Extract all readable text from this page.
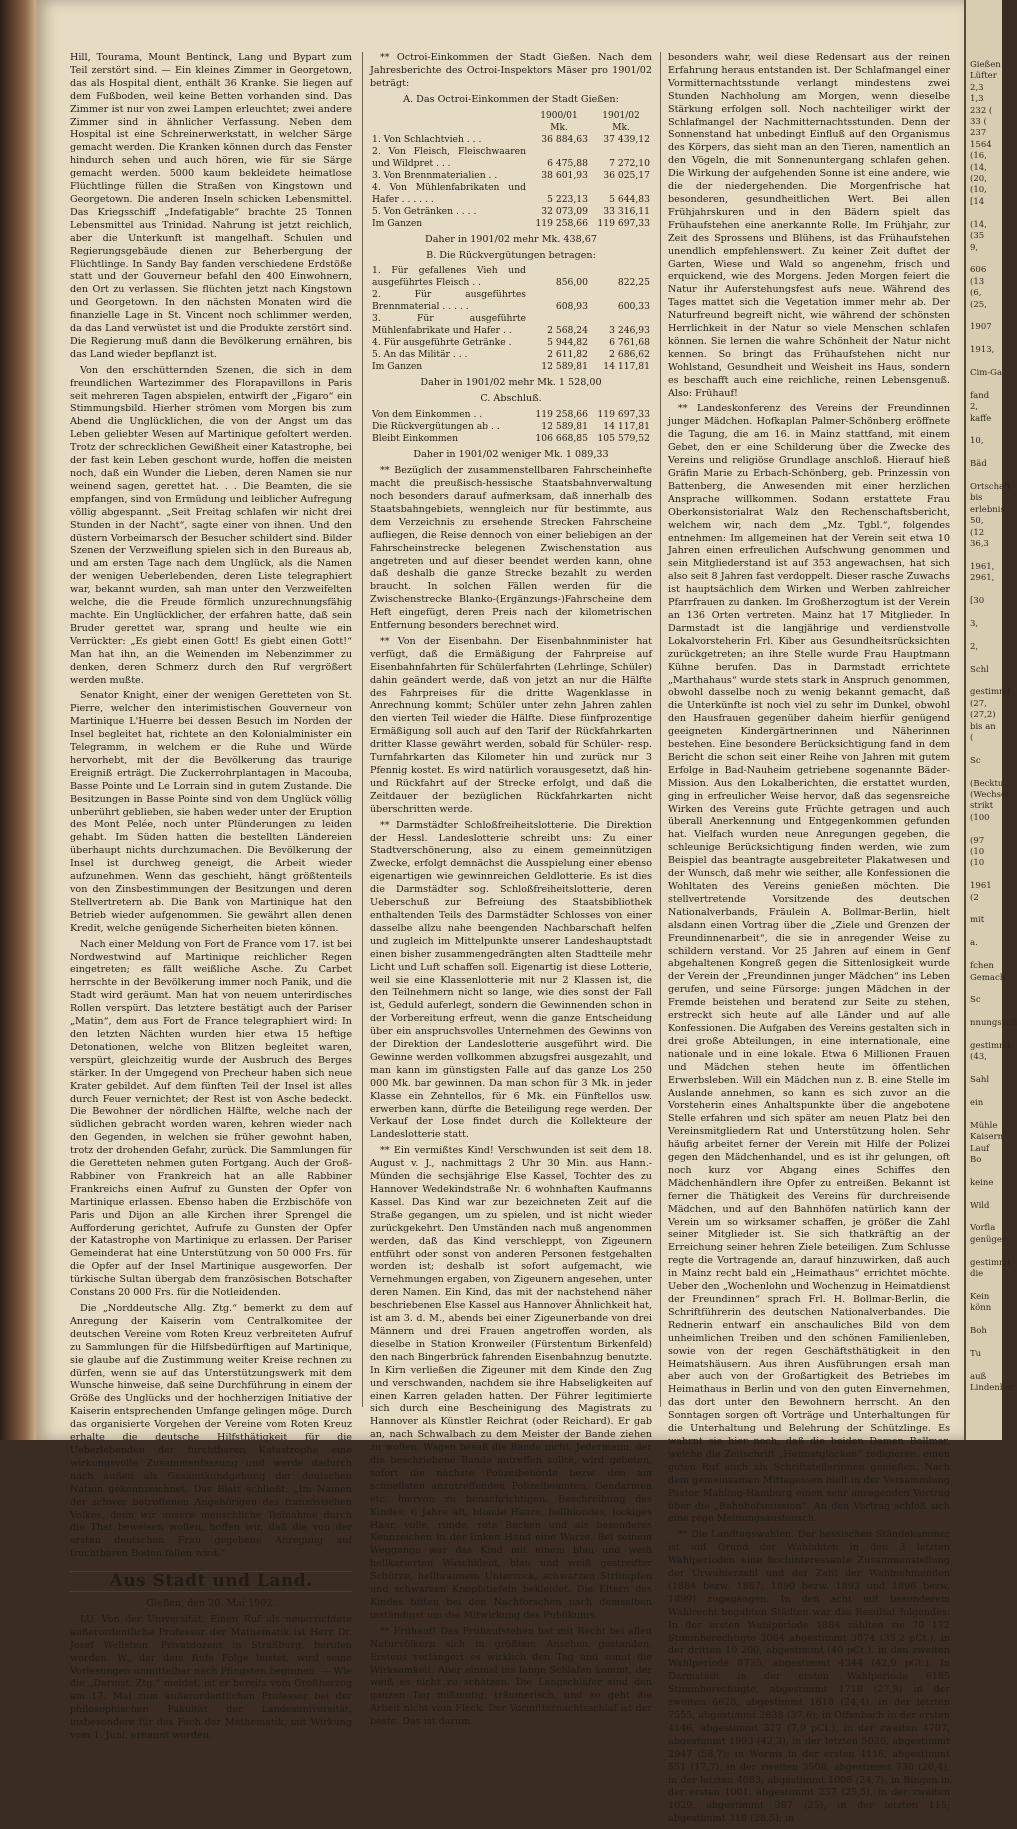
Hill, Tourama, Mount Bentinck, Lang und Bypart zum Teil zerstört sind. — Ein kleines Zimmer in Georgetown, das als Hospital dient, enthält 36 Kranke. Sie liegen auf dem Fußboden, weil keine Betten vorhanden sind. Das Zimmer ist nur von zwei Lampen erleuchtet; zwei andere Zimmer sind in ähnlicher Verfassung. Neben dem Hospital ist eine Schreinerwerkstatt, in welcher Särge gemacht werden. Die Kranken können durch das Fenster hindurch sehen und auch hören, wie für sie Särge gemacht werden. 5000 kaum bekleidete heimatlose Flüchtlinge füllen die Straßen von Kingstown und Georgetown. Die anderen Inseln schicken Lebensmittel. Das Kriegsschiff „Indefatigable“ brachte 25 Tonnen Lebensmittel aus Trinidad. Nahrung ist jetzt reichlich, aber die Unterkunft ist mangelhaft. Schulen und Regierungsgebäude dienen zur Beherbergung der Flüchtlinge. In Sandy Bay fanden verschiedene Erdstöße statt und der Gouverneur befahl den 400 Einwohnern, den Ort zu verlassen. Sie flüchten jetzt nach Kingstown und Georgetown. In den nächsten Monaten wird die finanzielle Lage in St. Vincent noch schlimmer werden, da das Land verwüstet ist und die Produkte zerstört sind. Die Regierung muß dann die Bevölkerung ernähren, bis das Land wieder bepflanzt ist.

Von den erschütternden Szenen, die sich in dem freundlichen Wartezimmer des Florapavillons in Paris seit mehreren Tagen abspielen, entwirft der „Figaro“ ein Stimmungsbild. Hierher strömen vom Morgen bis zum Abend die Unglücklichen, die von der Angst um das Leben geliebter Wesen auf Martinique gefoltert werden. Trotz der schrecklichen Gewißheit einer Katastrophe, bei der fast kein Leben geschont wurde, hoffen die meisten noch, daß ein Wunder die Lieben, deren Namen sie nur weinend sagen, gerettet hat. . . Die Beamten, die sie empfangen, sind von Ermüdung und leiblicher Aufregung völlig abgespannt. „Seit Freitag schlafen wir nicht drei Stunden in der Nacht“, sagte einer von ihnen. Und den düstern Vorbeimarsch der Besucher schildert sind. Bilder Szenen der Verzweiflung spielen sich in den Bureaus ab, und am ersten Tage nach dem Unglück, als die Namen der wenigen Ueberlebenden, deren Liste telegraphiert war, bekannt wurden, sah man unter den Verzweifelten welche, die die Freude förmlich unzurechnungsfähig machte. Ein Unglücklicher, der erfahren hatte, daß sein Bruder gerettet war, sprang und heulte wie ein Verrückter: „Es giebt einen Gott! Es giebt einen Gott!“ Man hat ihn, an die Weinenden im Nebenzimmer zu denken, deren Schmerz durch den Ruf vergrößert werden mußte.

Senator Knight, einer der wenigen Geretteten von St. Pierre, welcher den interimistischen Gouverneur von Martinique L'Huerre bei dessen Besuch im Norden der Insel begleitet hat, richtete an den Kolonialminister ein Telegramm, in welchem er die Ruhe und Würde hervorhebt, mit der die Bevölkerung das traurige Ereigniß erträgt. Die Zuckerrohrplantagen in Macouba, Basse Pointe und Le Lorrain sind in gutem Zustande. Die Besitzungen in Basse Pointe sind von dem Unglück völlig unberührt geblieben, sie haben weder unter der Eruption des Mont Pelée, noch unter Plünderungen zu leiden gehabt. Im Süden hatten die bestellten Ländereien überhaupt nichts durchzumachen. Die Bevölkerung der Insel ist durchweg geneigt, die Arbeit wieder aufzunehmen. Wenn das geschieht, hängt größtenteils von den Zinsbestimmungen der Besitzungen und deren Stellvertretern ab. Die Bank von Martinique hat den Betrieb wieder aufgenommen. Sie gewährt allen denen Kredit, welche genügende Sicherheiten bieten können.

Nach einer Meldung von Fort de France vom 17. ist bei Nordwestwind auf Martinique reichlicher Regen eingetreten; es fällt weißliche Asche. Zu Carbet herrschte in der Bevölkerung immer noch Panik, und die Stadt wird geräumt. Man hat von neuem unterirdisches Rollen verspürt. Das letztere bestätigt auch der Pariser „Matin“, dem aus Fort de France telegraphiert wird: In den letzten Nächten wurden hier etwa 15 heftige Detonationen, welche von Blitzen begleitet waren, verspürt, gleichzeitig wurde der Ausbruch des Berges stärker. In der Umgegend von Precheur haben sich neue Krater gebildet. Auf dem fünften Teil der Insel ist alles durch Feuer vernichtet; der Rest ist von Asche bedeckt. Die Bewohner der nördlichen Hälfte, welche nach der südlichen gebracht worden waren, kehren wieder nach den Gegenden, in welchen sie früher gewohnt haben, trotz der drohenden Gefahr, zurück. Die Sammlungen für die Geretteten nehmen guten Fortgang. Auch der Groß-Rabbiner von Frankreich hat an alle Rabbiner Frankreichs einen Aufruf zu Gunsten der Opfer von Martinique erlassen. Ebenso haben die Erzbischöfe von Paris und Dijon an alle Kirchen ihrer Sprengel die Aufforderung gerichtet, Aufrufe zu Gunsten der Opfer der Katastrophe von Martinique zu erlassen. Der Pariser Gemeinderat hat eine Unterstützung von 50 000 Frs. für die Opfer auf der Insel Martinique ausgeworfen. Der türkische Sultan übergab dem französischen Botschafter Constans 20 000 Frs. für die Notleidenden.

Die „Norddeutsche Allg. Ztg.“ bemerkt zu dem auf Anregung der Kaiserin vom Centralkomitee der deutschen Vereine vom Roten Kreuz verbreiteten Aufruf zu Sammlungen für die Hilfsbedürftigen auf Martinique, sie glaube auf die Zustimmung weiter Kreise rechnen zu dürfen, wenn sie auf das Unterstützungswerk mit dem Wunsche hinweise, daß seine Durchführung in einem der Größe des Unglücks und der hochherzigen Initiative der Kaiserin entsprechenden Umfange gelingen möge. Durch das organisierte Vorgehen der Vereine vom Roten Kreuz erhalte die deutsche Hilfsthätigkeit für die Ueberlebenden der furchtbaren Katastrophe eine wirkungsvolle Zusammenfassung und werde dadurch nach außen als Gesamtkundgebung der deutschen Nation gekennzeichnet. Das Blatt schließt: „Im Namen der schwer betroffenen Angehörigen des französischen Volkes, denn wir unsere menschliche Teilnahme durch die That beweisen wollen, hoffen wir, daß die von der ersten deutschen Frau gegebene Anregung auf fruchtbaren Boden fallen wird.“

Aus Stadt und Land.

Gießen, den 20. Mai 1902.

LU. Von der Universität. Einen Ruf als neuerrichtete außerordentliche Professur der Mathematik ist Herr Dr. Josef Wellstein, Privatdozent in Straßburg, berufen worden. W., der dem Rufe Folge leistet, wird seine Vorlesungen unmittelbar nach Pfingsten beginnen. — Wie die „Darmst. Ztg.“ meldet, ist er bereits vom Großherzog am 17. Mai zum außerordentlichen Professor bei der philosophischen Fakultät der Landesuniversität, insbesondere für das Fach der Mathematik, mit Wirkung vom 1. Juni, ernannt worden.

** Octroi-Einkommen der Stadt Gießen. Nach dem Jahresberichte des Octroi-Inspektors Mäser pro 1901/02 beträgt:

A. Das Octroi-Einkommen der Stadt Gießen:

	1900/01	1901/02
	Mk.	Mk.
1. Von Schlachtvieh . . .	36 884,63	37 439,12
2. Von Fleisch, Fleischwaaren und Wildpret . . .	6 475,88	7 272,10
3. Von Brennmaterialien . .	38 601,93	36 025,17
4. Von Mühlenfabrikaten und Hafer . . . . . .	5 223,13	5 644,83
5. Von Getränken . . . .	32 073,09	33 316,11
Im Ganzen	119 258,66	119 697,33

Daher in 1901/02 mehr Mk. 438,67

B. Die Rückvergütungen betragen:

1. Für gefallenes Vieh und ausgeführtes Fleisch . .	856,00	822,25
2. Für ausgeführtes Brennmaterial . . . . .	608,93	600,33
3. Für ausgeführte Mühlenfabrikate und Hafer . .	2 568,24	3 246,93
4. Für ausgeführte Getränke .	5 944,82	6 761,68
5. An das Militär . . .	2 611,82	2 686,62
Im Ganzen	12 589,81	14 117,81

Daher in 1901/02 mehr Mk. 1 528,00

C. Abschluß.

Von dem Einkommen . .	119 258,66	119 697,33
Die Rückvergütungen ab . .	12 589,81	14 117,81
Bleibt Einkommen	106 668,85	105 579,52

Daher in 1901/02 weniger Mk. 1 089,33

** Bezüglich der zusammenstellbaren Fahrscheinhefte macht die preußisch-hessische Staatsbahnverwaltung noch besonders darauf aufmerksam, daß innerhalb des Staatsbahngebiets, wenngleich nur für bestimmte, aus dem Verzeichnis zu ersehende Strecken Fahrscheine aufliegen, die Reise dennoch von einer beliebigen an der Fahrscheinstrecke belegenen Zwischenstation aus angetreten und auf dieser beendet werden kann, ohne daß deshalb die ganze Strecke bezahlt zu werden braucht. In solchen Fällen werden für die Zwischenstrecke Blanko-(Ergänzungs-)Fahrscheine dem Heft eingefügt, deren Preis nach der kilometrischen Entfernung besonders berechnet wird.

** Von der Eisenbahn. Der Eisenbahnminister hat verfügt, daß die Ermäßigung der Fahrpreise auf Eisenbahnfahrten für Schülerfahrten (Lehrlinge, Schüler) dahin geändert werde, daß von jetzt an nur die Hälfte des Fahrpreises für die dritte Wagenklasse in Anrechnung kommt; Schüler unter zehn Jahren zahlen den vierten Teil wieder die Hälfte. Diese fünfprozentige Ermäßigung soll auch auf den Tarif der Rückfahrkarten dritter Klasse gewährt werden, sobald für Schüler- resp. Turnfahrkarten das Kilometer hin und zurück nur 3 Pfennig kostet. Es wird natürlich vorausgesetzt, daß hin- und Rückfahrt auf der Strecke erfolgt, und daß die Zeitdauer der bezüglichen Rückfahrkarten nicht überschritten werde.

** Darmstädter Schloßfreiheitslotterie. Die Direktion der Hessl. Landeslotterie schreibt uns: Zu einer Stadtverschönerung, also zu einem gemeinnützigen Zwecke, erfolgt demnächst die Ausspielung einer ebenso eigenartigen wie gewinnreichen Geldlotterie. Es ist dies die Darmstädter sog. Schloßfreiheitslotterie, deren Ueberschuß zur Befreiung des Staatsbibliothek enthaltenden Teils des Darmstädter Schlosses von einer dasselbe allzu nahe beengenden Nachbarschaft helfen und zugleich im Mittelpunkte unserer Landeshauptstadt einen bisher zusammengedrängten alten Stadtteile mehr Licht und Luft schaffen soll. Eigenartig ist diese Lotterie, weil sie eine Klassenlotterie mit nur 2 Klassen ist, die den Teilnehmern nicht so lange, wie dies sonst der Fall ist, Geduld auferlegt, sondern die Gewinnenden schon in der Vorbereitung erfreut, wenn die ganze Entscheidung über ein anspruchsvolles Unternehmen des Gewinns von der Direktion der Landeslotterie ausgeführt wird. Die Gewinne werden vollkommen abzugsfrei ausgezahlt, und man kann im günstigsten Falle auf das ganze Los 250 000 Mk. bar gewinnen. Da man schon für 3 Mk. in jeder Klasse ein Zehntellos, für 6 Mk. ein Fünftellos usw. erwerben kann, dürfte die Beteiligung rege werden. Der Verkauf der Lose findet durch die Kollekteure der Landeslotterie statt.

** Ein vermißtes Kind! Verschwunden ist seit dem 18. August v. J., nachmittags 2 Uhr 30 Min. aus Hann.-Münden die sechsjährige Else Kassel, Tochter des zu Hannover Wedekindstraße Nr. 6 wohnhaften Kaufmanns Kassel. Das Kind war zur bezeichneten Zeit auf die Straße gegangen, um zu spielen, und ist nicht wieder zurückgekehrt. Den Umständen nach muß angenommen werden, daß das Kind verschleppt, von Zigeunern entführt oder sonst von anderen Personen festgehalten worden ist; deshalb ist sofort aufgemacht, wie Vernehmungen ergaben, von Zigeunern angesehen, unter deren Namen. Ein Kind, das mit der nachstehend näher beschriebenen Else Kassel aus Hannover Ähnlichkeit hat, ist am 3. d. M., abends bei einer Zigeunerbande von drei Männern und drei Frauen angetroffen worden, als dieselbe in Station Kronweiler (Fürstentum Birkenfeld) den nach Bingerbrück fahrenden Eisenbahnzug benutzte. In Kirn verließen die Zigeuner mit dem Kinde den Zug und verschwanden, nachdem sie ihre Habseligkeiten auf einen Karren geladen hatten. Der Führer legitimierte sich durch eine Bescheinigung des Magistrats zu Hannover als Künstler Reichrat (oder Reichard). Er gab an, nach Schwalbach zu dem Meister der Bande ziehen zu wollen. Wagen besaß die Bande nicht. Jedermann, der die beschriebene Bande antreffen sollte, wird gebeten, sofort die nächste Polizeibehörde bezw. den am schnellsten anzutreffenden Polizeibeamten, Gendarmen etc. hiervon zu benachrichtigen. Beschreibung des Kindes: 6 Jahre alt, blonde Haare, hellblondes, lockiges Haar, volle, runde, rote Backen und als besonderes Kennzeichen in der linken Hand eine Warze. Bei seinem Weggange war das Kind mit einem blau und weiß hellkarierten Waschkleid, blau und weiß gestreifter Schürze, hellbraunem Unterrock, schwarzen Strümpfen und schwarzen Knopfstiefeln bekleidet. Die Eltern des Kindes bitten bei den Nachforschen nach demselben inständigst um die Mitwirkung des Publikums.

** Frühauf! Das Frühaufstehen hat mit Recht bei allen Naturvölkern sich in größtem Ansehen gestanden. Erstens verlängert es wirklich den Tag und somit die Wirksamkeit. Aber einmal ins lange Schlafen kommt, der weiß es nicht zu schätzen. Die Langschläfer sind den ganzen Tag mißmutig, träumerisch, und so geht die Arbeit nicht vom Fleck. Der Vormitternachtsschlaf ist der beste. Das ist darum

besonders wahr, weil diese Redensart aus der reinen Erfahrung heraus entstanden ist. Der Schlafmangel einer Vormitternachtsstunde verlangt mindestens zwei Stunden Nachholung am Morgen, wenn dieselbe Stärkung erfolgen soll. Noch nachteiliger wirkt der Schlafmangel der Nachmitternachtsstunden. Denn der Sonnenstand hat unbedingt Einfluß auf den Organismus des Körpers, das sieht man an den Tieren, namentlich an den Vögeln, die mit Sonnenuntergang schlafen gehen. Die Wirkung der aufgehenden Sonne ist eine andere, wie die der niedergehenden. Die Morgenfrische hat besonderen, gesundheitlichen Wert. Bei allen Frühjahrskuren und in den Bädern spielt das Frühaufstehen eine anerkannte Rolle. Im Frühjahr, zur Zeit des Sprossens und Blühens, ist das Frühaufstehen unendlich empfehlenswert. Zu keiner Zeit duftet der Garten, Wiese und Wald so angenehm, frisch und erquickend, wie des Morgens. Jeden Morgen feiert die Natur ihr Auferstehungsfest aufs neue. Während des Tages mattet sich die Vegetation immer mehr ab. Der Naturfreund begreift nicht, wie während der schönsten Herrlichkeit in der Natur so viele Menschen schlafen können. Sie lernen die wahre Schönheit der Natur nicht kennen. So bringt das Frühaufstehen nicht nur Wohlstand, Gesundheit und Weisheit ins Haus, sondern es beschafft auch eine reichliche, reinen Lebensgenuß. Also: Frühauf!

** Landeskonferenz des Vereins der Freundinnen junger Mädchen. Hofkaplan Palmer-Schönberg eröffnete die Tagung, die am 16. in Mainz stattfand, mit einem Gebet, den er eine Schilderung über die Zwecke des Vereins und religiöse Grundlage anschloß. Hierauf hieß Gräfin Marie zu Erbach-Schönberg, geb. Prinzessin von Battenberg, die Anwesenden mit einer herzlichen Ansprache willkommen. Sodann erstattete Frau Oberkonsistorialrat Walz den Rechenschaftsbericht, welchem wir, nach dem „Mz. Tgbl.“, folgendes entnehmen: Im allgemeinen hat der Verein seit etwa 10 Jahren einen erfreulichen Aufschwung genommen und sein Mitgliederstand ist auf 353 angewachsen, hat sich also seit 8 Jahren fast verdoppelt. Dieser rasche Zuwachs ist hauptsächlich dem Wirken und Werben zahlreicher Pfarrfrauen zu danken. Im Großherzogtum ist der Verein an 136 Orten vertreten. Mainz hat 17 Mitglieder. In Darmstadt ist die langjährige und verdienstvolle Lokalvorsteherin Frl. Kiber aus Gesundheitsrücksichten zurückgetreten; an ihre Stelle wurde Frau Hauptmann Kühne berufen. Das in Darmstadt errichtete „Marthahaus“ wurde stets stark in Anspruch genommen, obwohl dasselbe noch zu wenig bekannt gemacht, daß die Unterkünfte ist noch viel zu sehr im Dunkel, obwohl den Hausfrauen gegenüber daheim hierfür genügend geeigneten Kindergärtnerinnen und Näherinnen bestehen. Eine besondere Berücksichtigung fand in dem Bericht die schon seit einer Reihe von Jahren mit gutem Erfolge in Bad-Nauheim getriebene sogenannte Bäder-Mission. Aus den Lokalberichten, die erstattet wurden, ging in erfreulicher Weise hervor, daß das segensreiche Wirken des Vereins gute Früchte getragen und auch überall Anerkennung und Entgegenkommen gefunden hat. Vielfach wurden neue Anregungen gegeben, die schleunige Berücksichtigung finden werden, wie zum Beispiel das beantragte ausgebreiteter Plakatwesen und der Wunsch, daß mehr wie seither, alle Konfessionen die Wohltaten des Vereins genießen möchten. Die stellvertretende Vorsitzende des deutschen Nationalverbands, Fräulein A. Bollmar-Berlin, hielt alsdann einen Vortrag über die „Ziele und Grenzen der Freundinnenarbeit“, die sie in anregender Weise zu schildern verstand. Vor 25 Jahren auf einem in Genf abgehaltenen Kongreß gegen die Sittenlosigkeit wurde der Verein der „Freundinnen junger Mädchen“ ins Leben gerufen, und seine Fürsorge: jungen Mädchen in der Fremde beistehen und beratend zur Seite zu stehen, erstreckt sich heute auf alle Länder und auf alle Konfessionen. Die Aufgaben des Vereins gestalten sich in drei große Abteilungen, in eine internationale, eine nationale und in eine lokale. Etwa 6 Millionen Frauen und Mädchen stehen heute im öffentlichen Erwerbsleben. Will ein Mädchen nun z. B. eine Stelle im Auslande annehmen, so kann es sich zuvor an die Vorsteherin eines Anhaltspunkte über die angebotene Stelle erfahren und sich später am neuen Platz bei den Vereinsmitgliedern Rat und Unterstützung holen. Sehr häufig arbeitet ferner der Verein mit Hilfe der Polizei gegen den Mädchenhandel, und es ist ihr gelungen, oft noch kurz vor Abgang eines Schiffes den Mädchenhändlern ihre Opfer zu entreißen. Bekannt ist ferner die Thätigkeit des Vereins für durchreisende Mädchen, und auf den Bahnhöfen natürlich kann der Verein um so wirksamer schaffen, je größer die Zahl seiner Mitglieder ist. Sie sich thatkräftig an der Erreichung seiner hehren Ziele beteiligen. Zum Schlusse regte die Vortragende an, darauf hinzuwirken, daß auch in Mainz recht bald ein „Heimathaus“ errichtet möchte. Ueber den „Wochenlohn und Wochenzug in Heimatdienst der Freundinnen“ sprach Frl. H. Bollmar-Berlin, die Schriftführerin des deutschen Nationalverbandes. Die Rednerin entwarf ein anschauliches Bild von dem unheimlichen Treiben und den schönen Familienleben, sowie von der regen Geschäftsthätigkeit in den Heimatshäusern. Aus ihren Ausführungen ersah man aber auch von der Großartigkeit des Betriebes im Heimathaus in Berlin und von den guten Einvernehmen, das dort unter den Bewohnern herrscht. An den Sonntagen sorgen oft Vorträge und Unterhaltungen für die Unterhaltung und Belehrung der Schützlinge. Es wahrnt sie hier noch, daß die beiden Damen Bollmar, welche die Zeitschrift „Heimatglocken“ redigieren, einen guten Ruf auch als Schriftstellerinnen genießen. Nach dem gemeinsamen Mittagessen hielt in der Versammlung Pastor Mahling-Hamburg einen sehr anregenden Vortrag über die „Bahnhofsmission“. An den Vortrag schloß sich eine rege Meinungsaustausch.

** Die Landtagswahlen. Der hessischen Ständekammer ist auf Grund der Wahlakten in den 3 letzten Wahlperioden eine hochinteressante Zusammenstellung der Urwahlerzahl und der Zahl der Wahlnehmenden (1884 bezw. 1887, 1890 bezw. 1893 und 1896 bezw. 1899) zugegangen. In den acht mit besonderem Wahlrecht begabten Städten war das Resultat folgendes: In der ersten Wahlperiode 1884 zählten sie 70 172 Stimmberechtigte 3084 abgestimmt 3074 (35,2 pCt.), in der dritten 10 200, abgestimmt (40 pCt.), in den zweiten Wahlperiode 8735, abgestimmt 4344 (42,9 pCt.). In Darmstadt in der ersten Wahlperiode 6185 Stimmberechtigte, abgestimmt 1718 (27,8) in der zweiten 6628, abgestimmt 1618 (24,4), in der letzten 7555, abgestimmt 2838 (37,6); in Offenbach in der ersten 4146, abgestimmt 327 (7,9 pCt.), in der zweiten 4707, abgestimmt 1993 (42,3), in der letzten 5020, abgestimmt 2947 (58,7); in Worms in der ersten 4116, abgestimmt 551 (17,7), in der zweiten 3508, abgestimmt 730 (20,4), in der letzten 4083, abgestimmt 1008 (24,7); in Bingen in der ersten 1001, abgestimmt 237 (25,5), in der zweiten 1029, abgestimmt 387 (25), in der letzten 115, abgestimmt 318 (28,5); in

Gießen
Lüfter
2,3
1,3
232 (
33 (
237
1564
(16,
(14,
(20,
(10,
[14

(14,
(35
9,

606
(13
(6,
(25,

1907

1913,

Cim-Ga

fand
2,
kaffe

10,

Bäd

Ortschaft
bis
erlebnis
50,
(12
36,3

1961,
2961,

[30

3,

2,

Schl

gestimmt
(27,
(27,2)
bis an
(

Sc

(Becktu
(Wechsel
strikt
(100

(97
(10
(10

1961
(2

mit

a.

fchen
Gemach

Sc

nnungsvoll

gestimmt
(43,

Sahl

ein

Mühle
Kaisern
Lauf
Bo

keine

Wild

Vorfla
genügen

gestimmt
die

Kein
könn

Boh

Tu

auß
Lindenber
